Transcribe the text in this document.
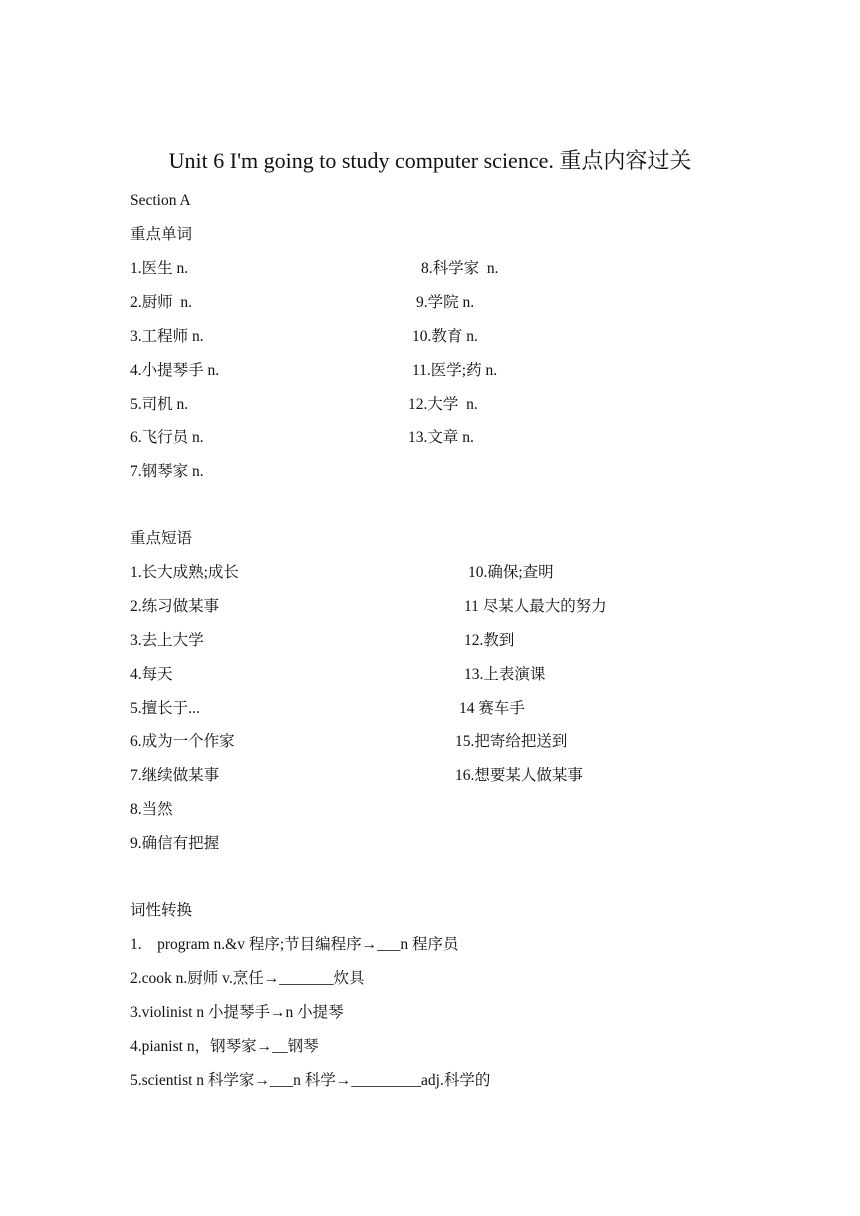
Unit 6 I'm going to study computer science. 重点内容过关
Section A
重点单词
1.医生 n.
2.厨师  n.
3.工程师 n.
4.小提琴手 n.
5.司机 n.
6.飞行员 n.
7.钢琴家 n.
8.科学家  n.
9.学院 n.
10.教育 n.
11.医学;药 n.
12.大学  n.
13.文章 n.
重点短语
1.长大成熟;成长
2.练习做某事
3.去上大学
4.每天
5.擅长于...
6.成为一个作家
7.继续做某事
8.当然
9.确信有把握
10.确保;查明
11 尽某人最大的努力
12.教到
13.上表演课
14 赛车手
15.把寄给把送到
16.想要某人做某事
词性转换
1.    program n.&v 程序;节目编程序→___n 程序员
2.cook n.厨师 v.烹任→_______炊具
3.violinist n 小提琴手→n 小提琴
4.pianist n，钢琴家→__钢琴
5.scientist n 科学家→___n 科学→_________adj.科学的
